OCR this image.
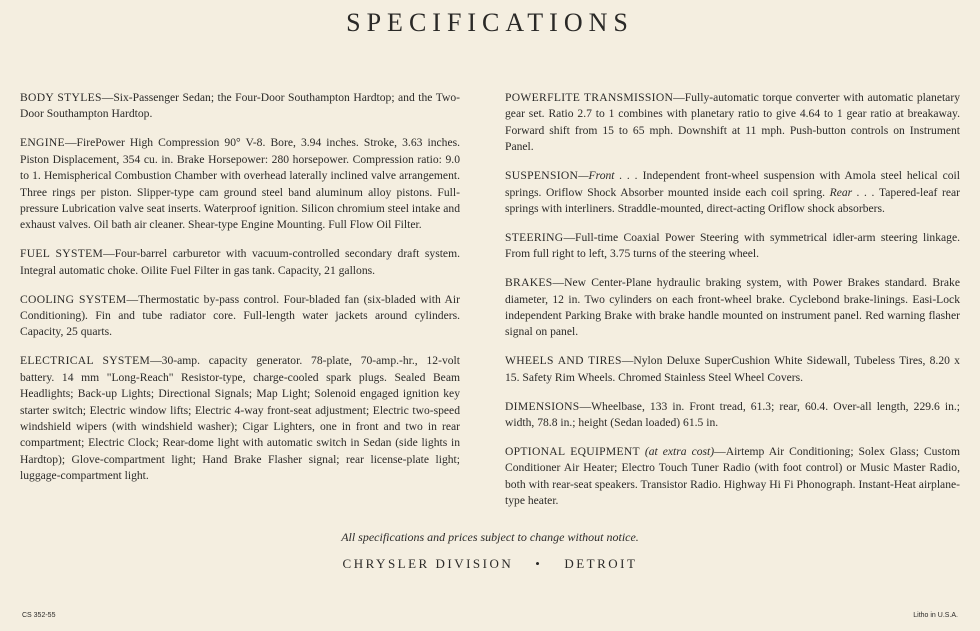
SPECIFICATIONS

BODY STYLES—Six-Passenger Sedan; the Four-Door Southampton Hardtop; and the Two-Door Southampton Hardtop.

ENGINE—FirePower High Compression 90° V-8. Bore, 3.94 inches. Stroke, 3.63 inches. Piston Displacement, 354 cu. in. Brake Horsepower: 280 horsepower. Compression ratio: 9.0 to 1. Hemispherical Combustion Chamber with overhead laterally inclined valve arrangement. Three rings per piston. Slipper-type cam ground steel band aluminum alloy pistons. Full-pressure Lubrication valve seat inserts. Waterproof ignition. Silicon chromium steel intake and exhaust valves. Oil bath air cleaner. Shear-type Engine Mounting. Full Flow Oil Filter.

FUEL SYSTEM—Four-barrel carburetor with vacuum-controlled secondary draft system. Integral automatic choke. Oilite Fuel Filter in gas tank. Capacity, 21 gallons.

COOLING SYSTEM—Thermostatic by-pass control. Four-bladed fan (six-bladed with Air Conditioning). Fin and tube radiator core. Full-length water jackets around cylinders. Capacity, 25 quarts.

ELECTRICAL SYSTEM—30-amp. capacity generator. 78-plate, 70-amp.-hr., 12-volt battery. 14 mm "Long-Reach" Resistor-type, charge-cooled spark plugs. Sealed Beam Headlights; Back-up Lights; Directional Signals; Map Light; Solenoid engaged ignition key starter switch; Electric window lifts; Electric 4-way front-seat adjustment; Electric two-speed windshield wipers (with windshield washer); Cigar Lighters, one in front and two in rear compartment; Electric Clock; Rear-dome light with automatic switch in Sedan (side lights in Hardtop); Glove-compartment light; Hand Brake Flasher signal; rear license-plate light; luggage-compartment light.

POWERFLITE TRANSMISSION—Fully-automatic torque converter with automatic planetary gear set. Ratio 2.7 to 1 combines with planetary ratio to give 4.64 to 1 gear ratio at breakaway. Forward shift from 15 to 65 mph. Downshift at 11 mph. Push-button controls on Instrument Panel.

SUSPENSION—Front . . . Independent front-wheel suspension with Amola steel helical coil springs. Oriflow Shock Absorber mounted inside each coil spring. Rear . . . Tapered-leaf rear springs with interliners. Straddle-mounted, direct-acting Oriflow shock absorbers.

STEERING—Full-time Coaxial Power Steering with symmetrical idler-arm steering linkage. From full right to left, 3.75 turns of the steering wheel.

BRAKES—New Center-Plane hydraulic braking system, with Power Brakes standard. Brake diameter, 12 in. Two cylinders on each front-wheel brake. Cyclebond brake-linings. Easi-Lock independent Parking Brake with brake handle mounted on instrument panel. Red warning flasher signal on panel.

WHEELS AND TIRES—Nylon Deluxe SuperCushion White Sidewall, Tubeless Tires, 8.20 x 15. Safety Rim Wheels. Chromed Stainless Steel Wheel Covers.

DIMENSIONS—Wheelbase, 133 in. Front tread, 61.3; rear, 60.4. Over-all length, 229.6 in.; width, 78.8 in.; height (Sedan loaded) 61.5 in.

OPTIONAL EQUIPMENT (at extra cost)—Airtemp Air Conditioning; Solex Glass; Custom Conditioner Air Heater; Electro Touch Tuner Radio (with foot control) or Music Master Radio, both with rear-seat speakers. Transistor Radio. Highway Hi Fi Phonograph. Instant-Heat airplane-type heater.

All specifications and prices subject to change without notice.
CHRYSLER DIVISION • DETROIT
CS 352-55	Litho in U.S.A.
